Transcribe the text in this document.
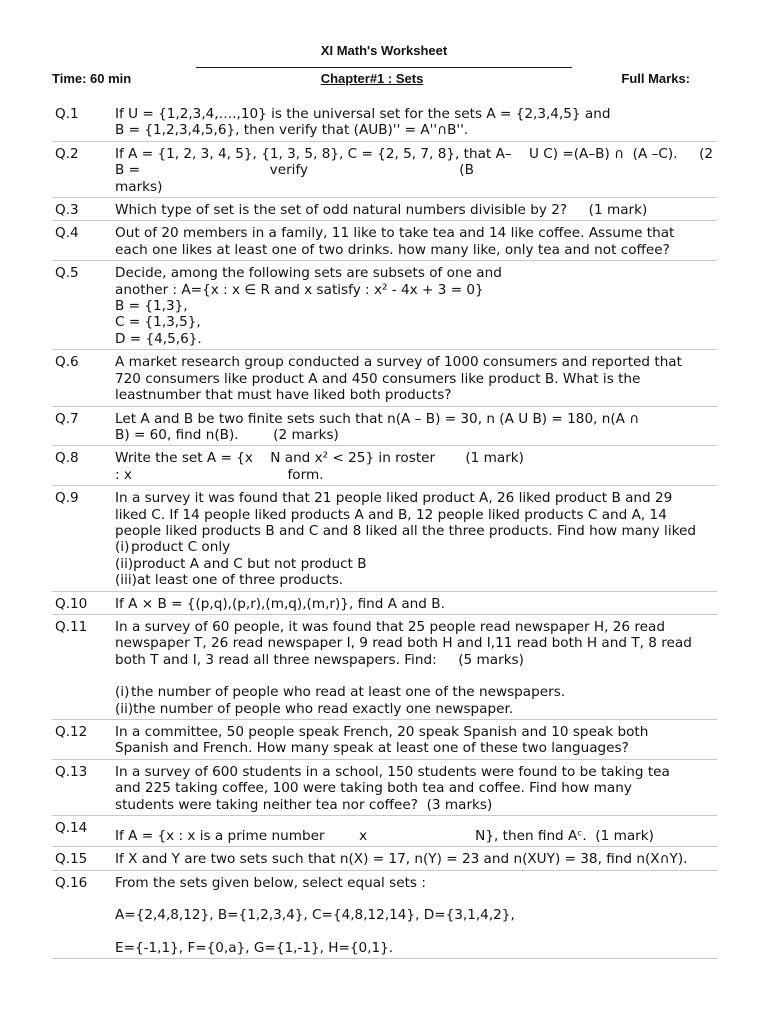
XI Math's Worksheet
Time: 60 min	Chapter#1 : Sets	Full Marks:
Q.1	If U = {1,2,3,4,….,10} is the universal set for the sets A = {2,3,4,5} and

B = {1,2,3,4,5,6}, then verify that (AUB)'' = A''∩B''.

Q.2	If A = {1, 2, 3, 4, 5}, {1, 3, 5, 8}, C = {2, 5, 7, 8}, that A–    U C) =(A–B) ∩  (A –C).     (2

B =                              verify                                   (B

marks)

Q.3	Which type of set is the set of odd natural numbers divisible by 2?     (1 mark)

Q.4	Out of 20 members in a family, 11 like to take tea and 14 like coffee. Assume that

each one likes at least one of two drinks. how many like, only tea and not coffee?

Q.5	Decide, among the following sets are subsets of one and

another : A={x : x ∈ R and x satisfy : x² - 4x + 3 = 0}

B = {1,3},

C = {1,3,5},

D = {4,5,6}.

Q.6	A market research group conducted a survey of 1000 consumers and reported that

720 consumers like product A and 450 consumers like product B. What is the

leastnumber that must have liked both products?

Q.7	Let A and B be two finite sets such that n(A – B) = 30, n (A U B) = 180, n(A ∩

B) = 60, find n(B).        (2 marks)

Q.8	Write the set A = {x    N and x² < 25} in roster       (1 mark)

: x                                    form.

Q.9	In a survey it was found that 21 people liked product A, 26 liked product B and 29

liked C. If 14 people liked products A and B, 12 people liked products C and A, 14

people liked products B and C and 8 liked all the three products. Find how many liked

(i) product C only
(ii)product A and C but not product B
(iii)at least one of three products.
Q.10 If A × B = {(p,q),(p,r),(m,q),(m,r)}, find A and B.

Q.11 In a survey of 60 people, it was found that 25 people read newspaper H, 26 read

newspaper T, 26 read newspaper I, 9 read both H and I,11 read both H and T, 8 read

both T and I, 3 read all three newspapers. Find:     (5 marks)

(i) the number of people who read at least one of the newspapers.
(ii)the number of people who read exactly one newspaper.
Q.12 In a committee, 50 people speak French, 20 speak Spanish and 10 speak both

Spanish and French. How many speak at least one of these two languages?

Q.13 In a survey of 600 students in a school, 150 students were found to be taking tea

and 225 taking coffee, 100 were taking both tea and coffee. Find how many

students were taking neither tea nor coffee?  (3 marks)

Q.14 If A = {x : x is a prime number        x                         N}, then find Aᶜ.  (1 mark)

Q.15 If X and Y are two sets such that n(X) = 17, n(Y) = 23 and n(XUY) = 38, find n(X∩Y).

Q.16 From the sets given below, select equal sets :

A={2,4,8,12}, B={1,2,3,4}, C={4,8,12,14}, D={3,1,4,2},

E={-1,1}, F={0,a}, G={1,-1}, H={0,1}.
